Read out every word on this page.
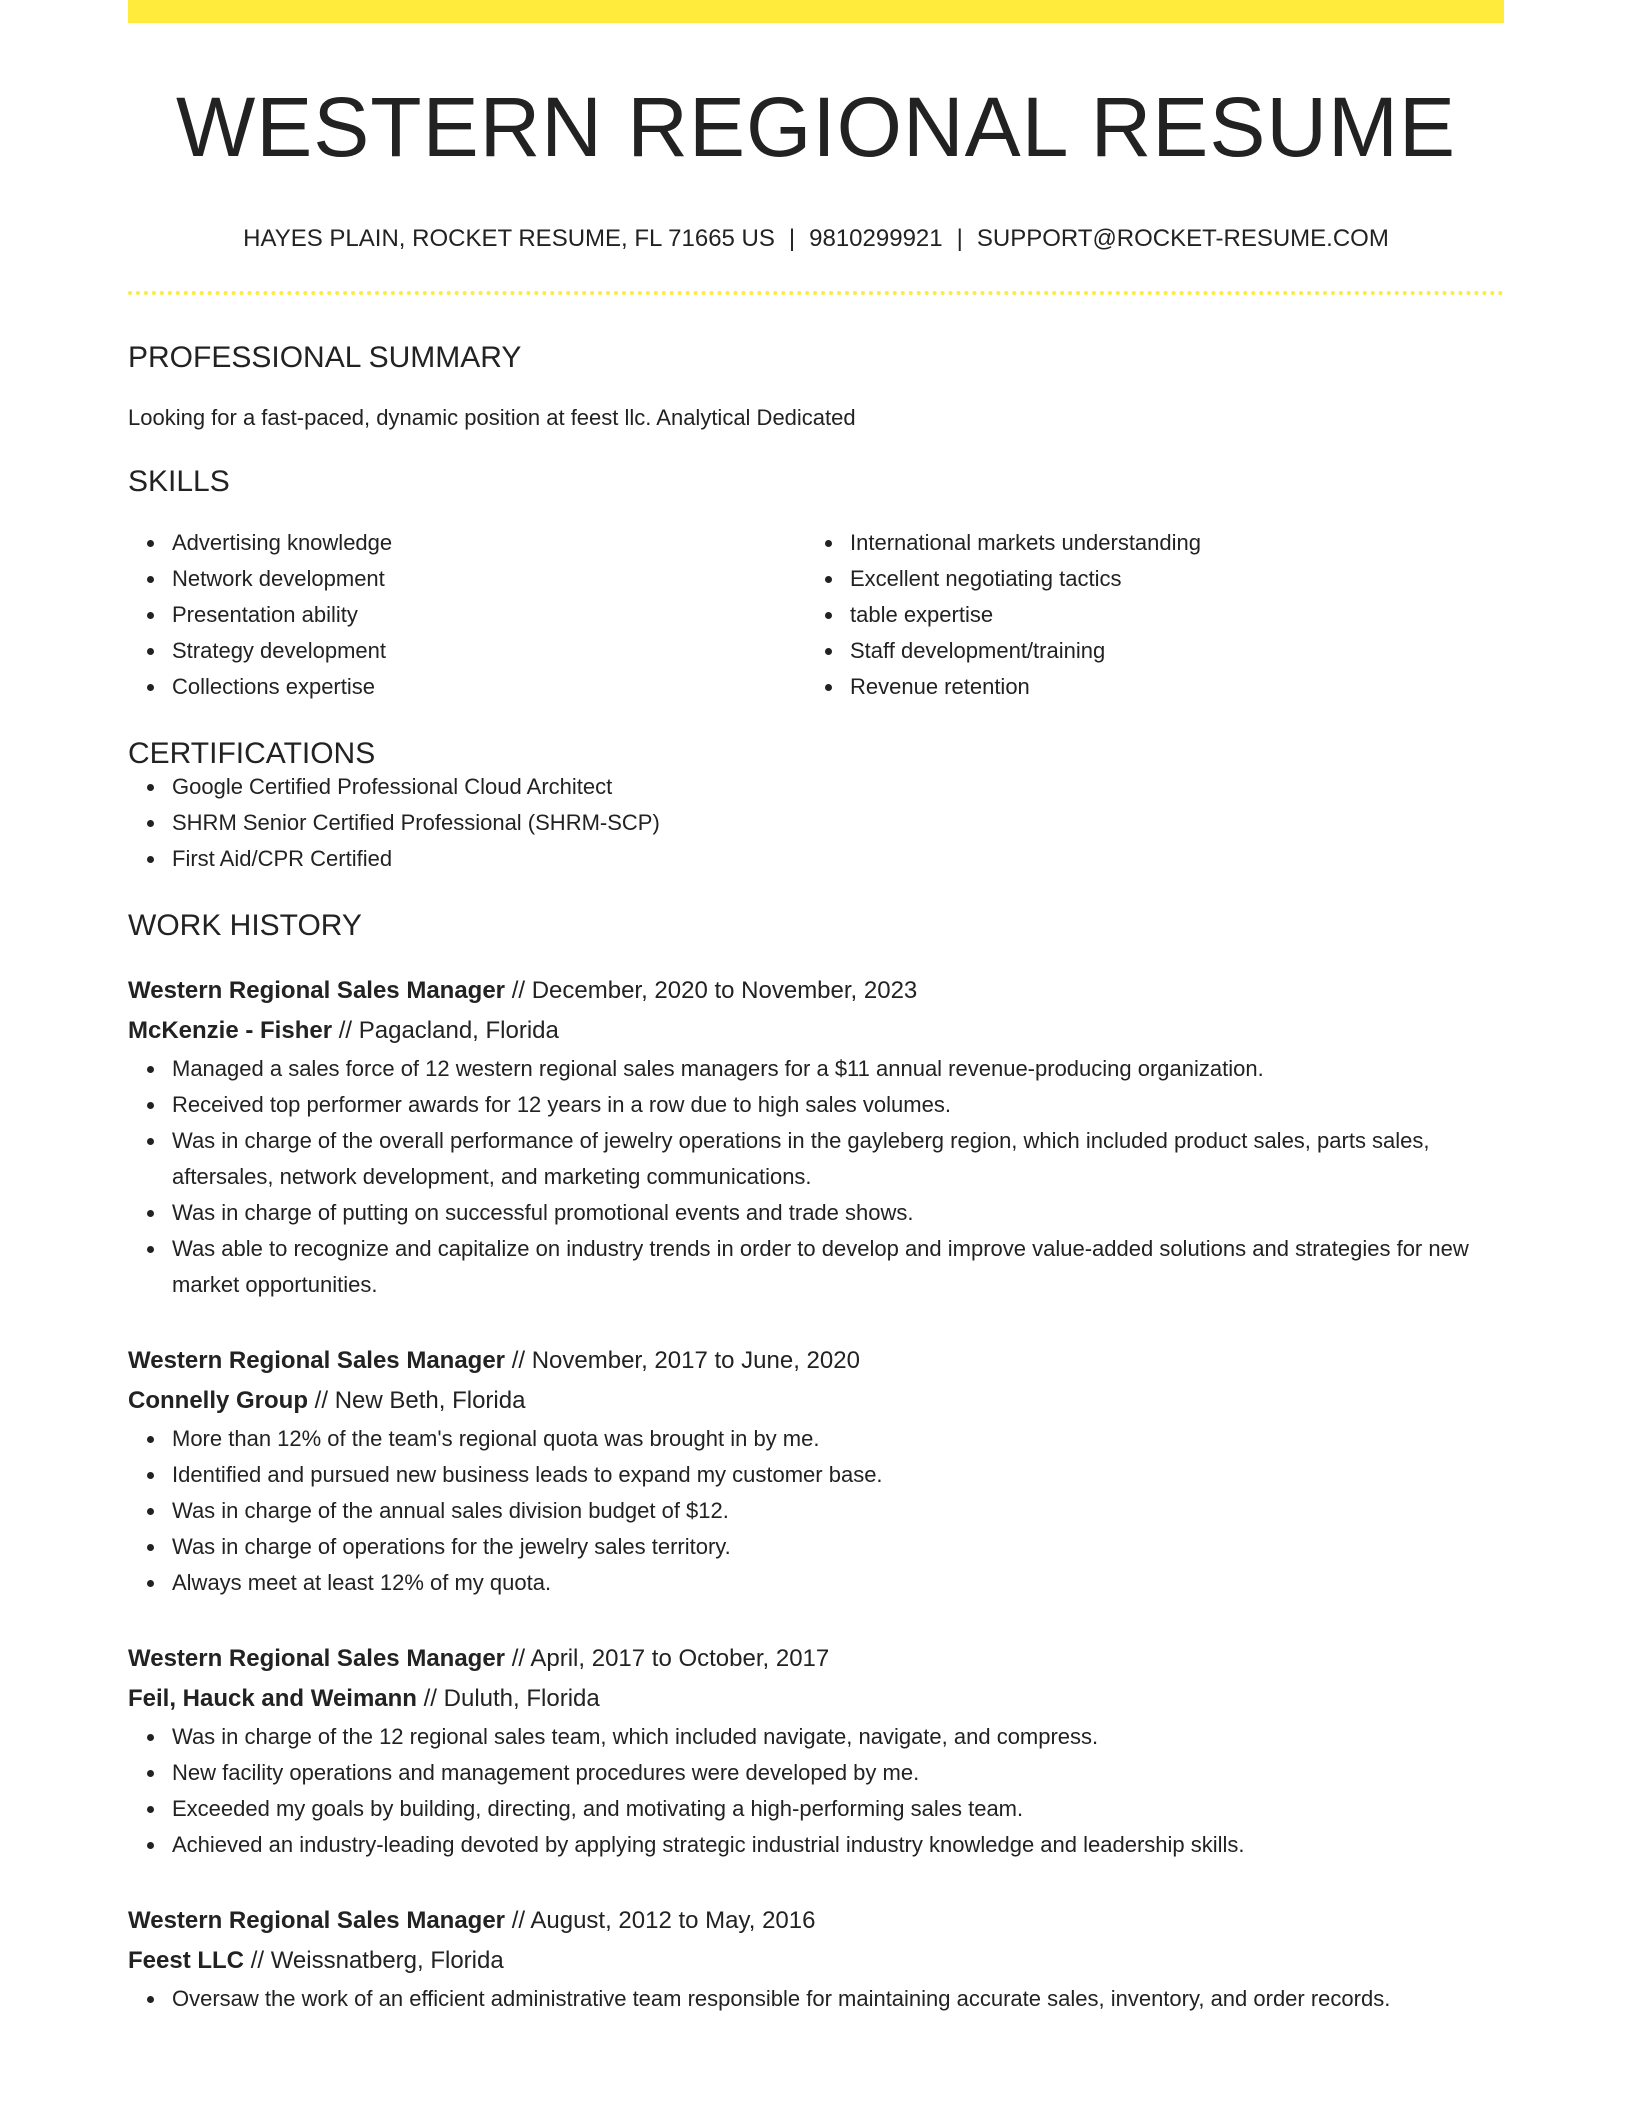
WESTERN REGIONAL RESUME
HAYES PLAIN, ROCKET RESUME, FL 71665 US | 9810299921 | SUPPORT@ROCKET-RESUME.COM
PROFESSIONAL SUMMARY
Looking for a fast-paced, dynamic position at feest llc. Analytical Dedicated
SKILLS
Advertising knowledge
Network development
Presentation ability
Strategy development
Collections expertise
International markets understanding
Excellent negotiating tactics
table expertise
Staff development/training
Revenue retention
CERTIFICATIONS
Google Certified Professional Cloud Architect
SHRM Senior Certified Professional (SHRM-SCP)
First Aid/CPR Certified
WORK HISTORY
Western Regional Sales Manager // December, 2020 to November, 2023
McKenzie - Fisher // Pagacland, Florida
Managed a sales force of 12 western regional sales managers for a $11 annual revenue-producing organization.
Received top performer awards for 12 years in a row due to high sales volumes.
Was in charge of the overall performance of jewelry operations in the gayleberg region, which included product sales, parts sales, aftersales, network development, and marketing communications.
Was in charge of putting on successful promotional events and trade shows.
Was able to recognize and capitalize on industry trends in order to develop and improve value-added solutions and strategies for new market opportunities.
Western Regional Sales Manager // November, 2017 to June, 2020
Connelly Group // New Beth, Florida
More than 12% of the team's regional quota was brought in by me.
Identified and pursued new business leads to expand my customer base.
Was in charge of the annual sales division budget of $12.
Was in charge of operations for the jewelry sales territory.
Always meet at least 12% of my quota.
Western Regional Sales Manager // April, 2017 to October, 2017
Feil, Hauck and Weimann // Duluth, Florida
Was in charge of the 12 regional sales team, which included navigate, navigate, and compress.
New facility operations and management procedures were developed by me.
Exceeded my goals by building, directing, and motivating a high-performing sales team.
Achieved an industry-leading devoted by applying strategic industrial industry knowledge and leadership skills.
Western Regional Sales Manager // August, 2012 to May, 2016
Feest LLC // Weissnatberg, Florida
Oversaw the work of an efficient administrative team responsible for maintaining accurate sales, inventory, and order records.
